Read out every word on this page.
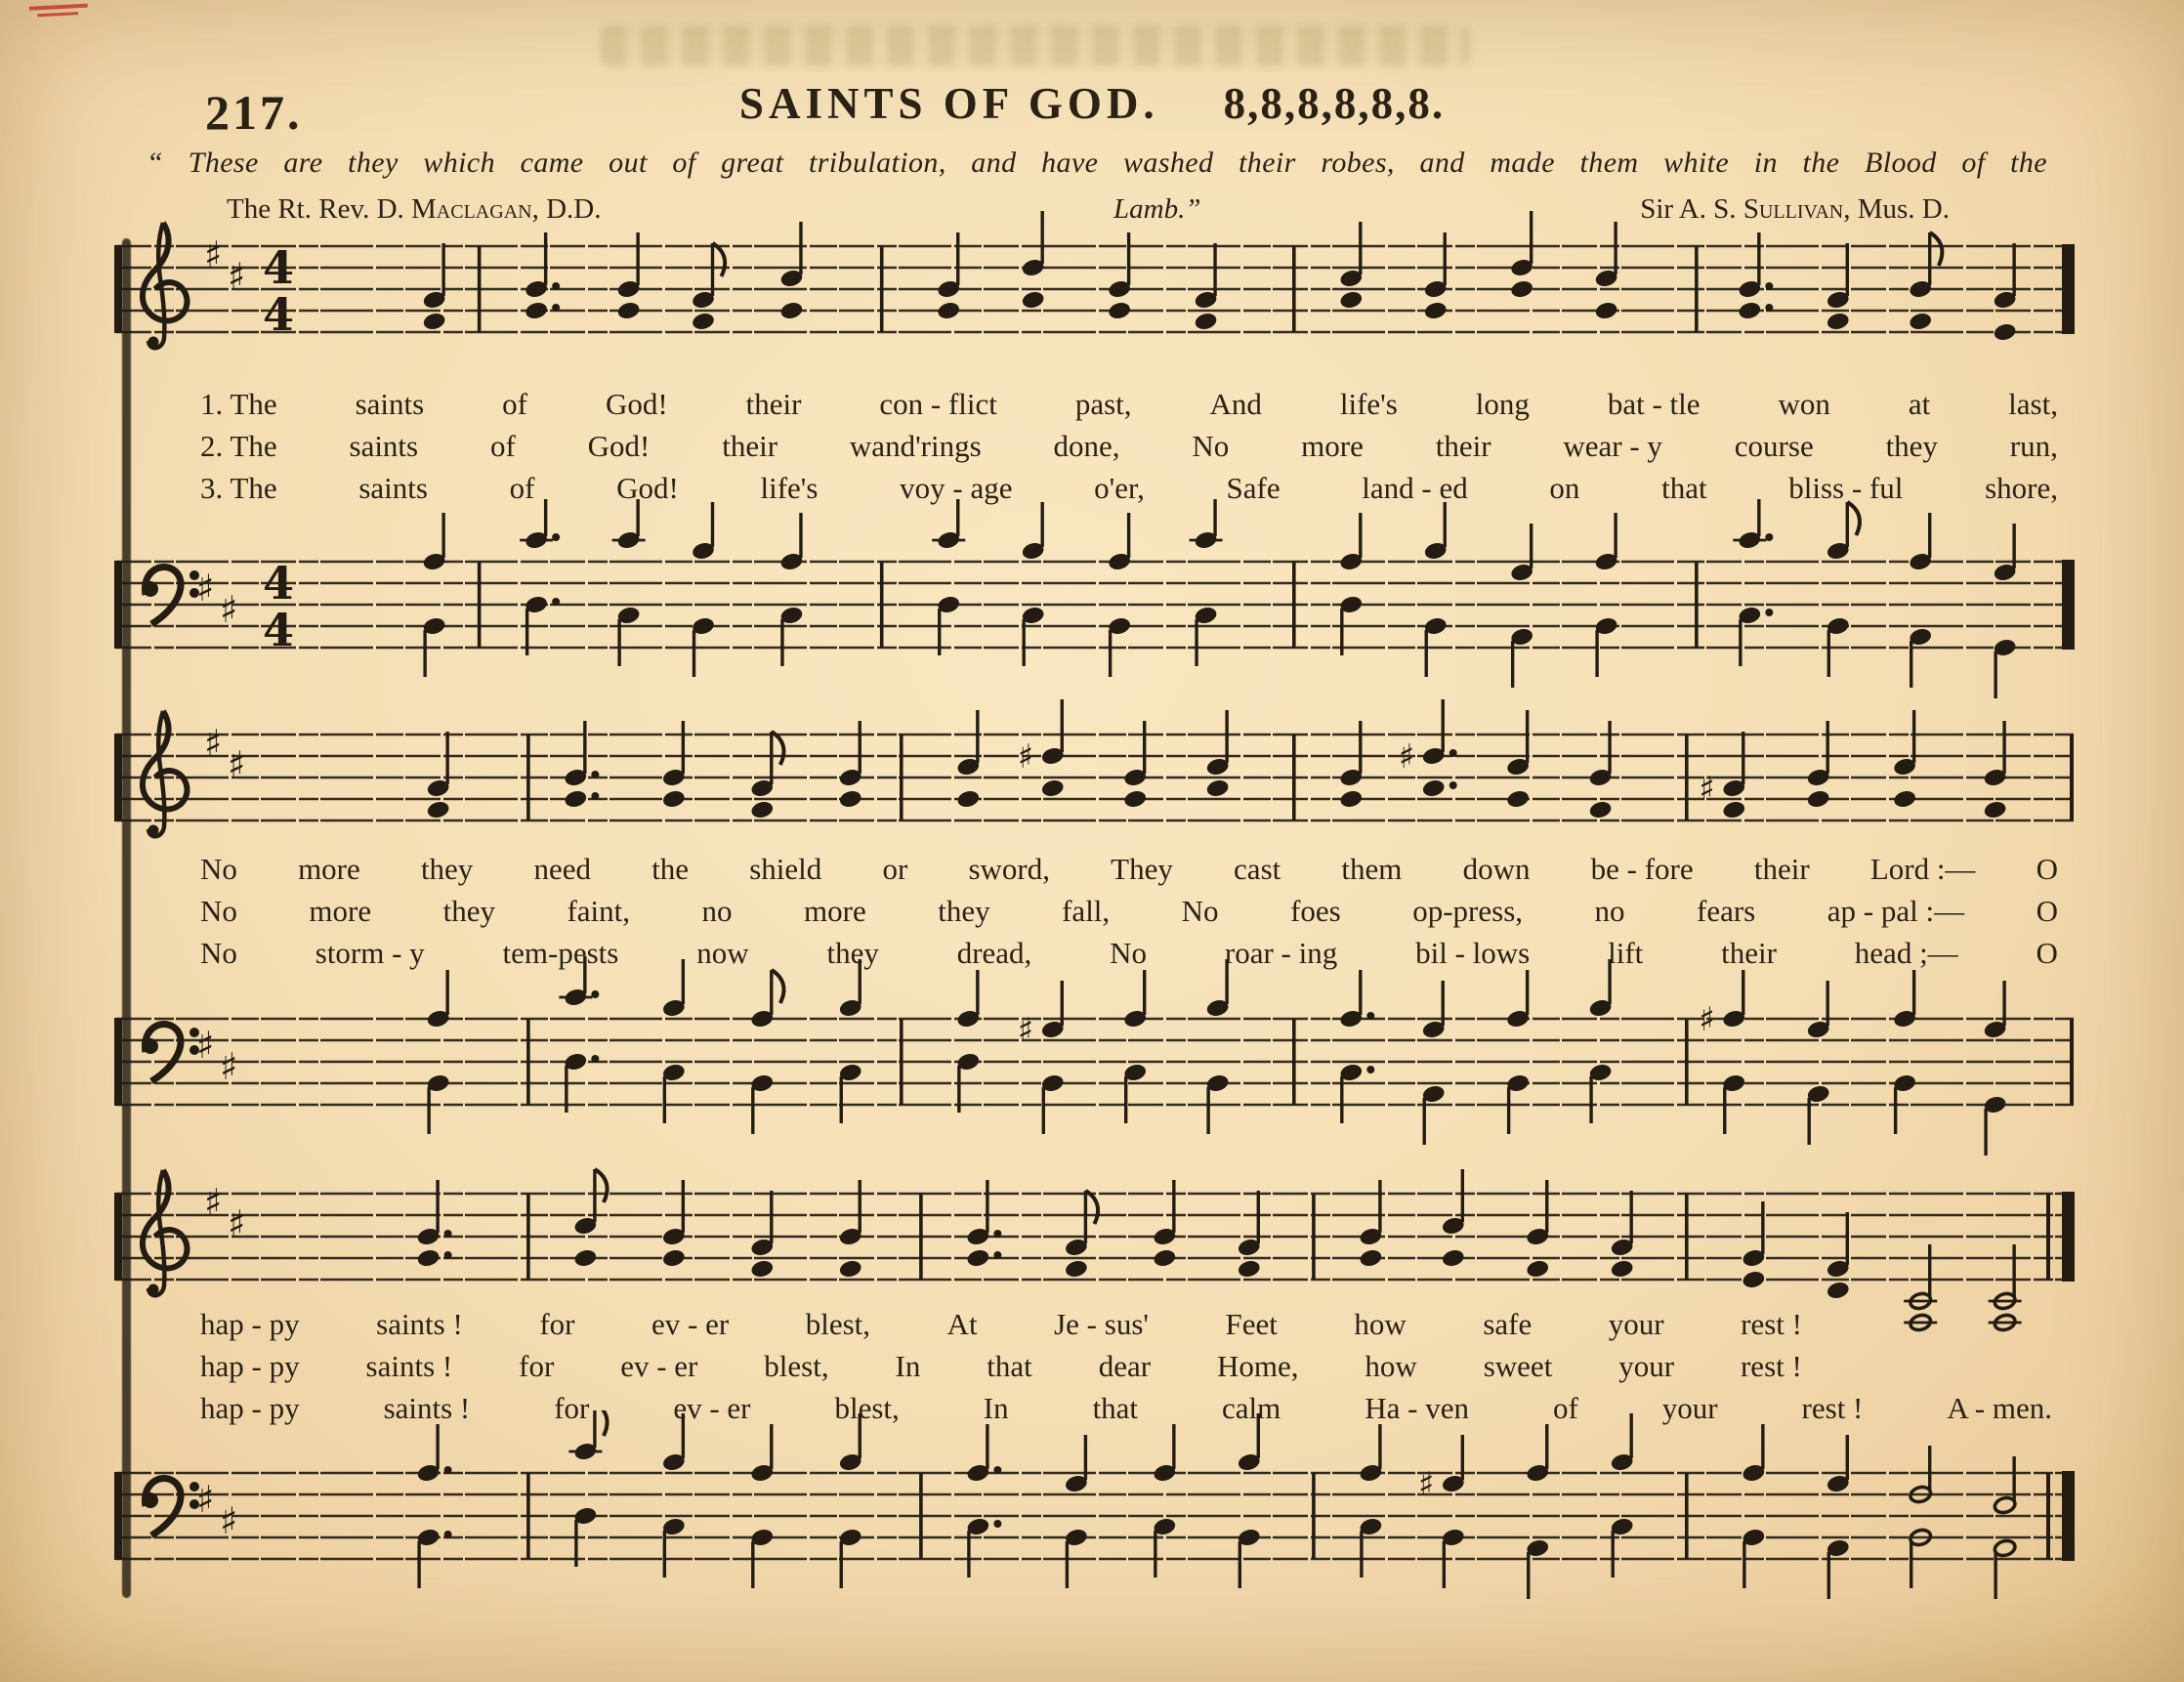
217.	SAINTS OF GOD. 8,8,8,8,8,8.
“ These are they which came out of great tribulation, and have washed their robes, and made them white in the Blood of the
The Rt. Rev. D. Maclagan, D.D.	Lamb.”	Sir A. S. Sullivan, Mus. D.
♯ ♯ 4
4
1. The	saints	of	God!	their	con - flict	past,	And	life's	long	bat - tle	won	at	last,
2. The saints of God! their wand'rings done, No more their wear - y course they run,
3. The	saints	of	God!	life's	voy - age	o'er,	Safe	land - ed	on	that	bliss - ful	shore,
♯ ♯ 4
4
♯ ♯	♯	♯
♯
No more they need the shield or sword, They cast them down be - fore their Lord :— O
No more they faint, no more they fall, No foes op-press, no fears ap - pal :— O
No	storm - y	tem-pests	now	they	dread,	No	roar - ing	bil - lows	lift	their	head ;—	O
♯ ♯
♯	♯
♯ ♯
hap - py	saints !	for	ev - er	blest,	At	Je - sus'	Feet	how	safe	your	rest !
hap - py saints ! for ev - er blest, In that dear Home, how sweet your rest !
hap - py	saints !	for	ev - er	blest,	In	that	calm	Ha - ven	of	your	rest !	A - men.
♯ ♯
♯
